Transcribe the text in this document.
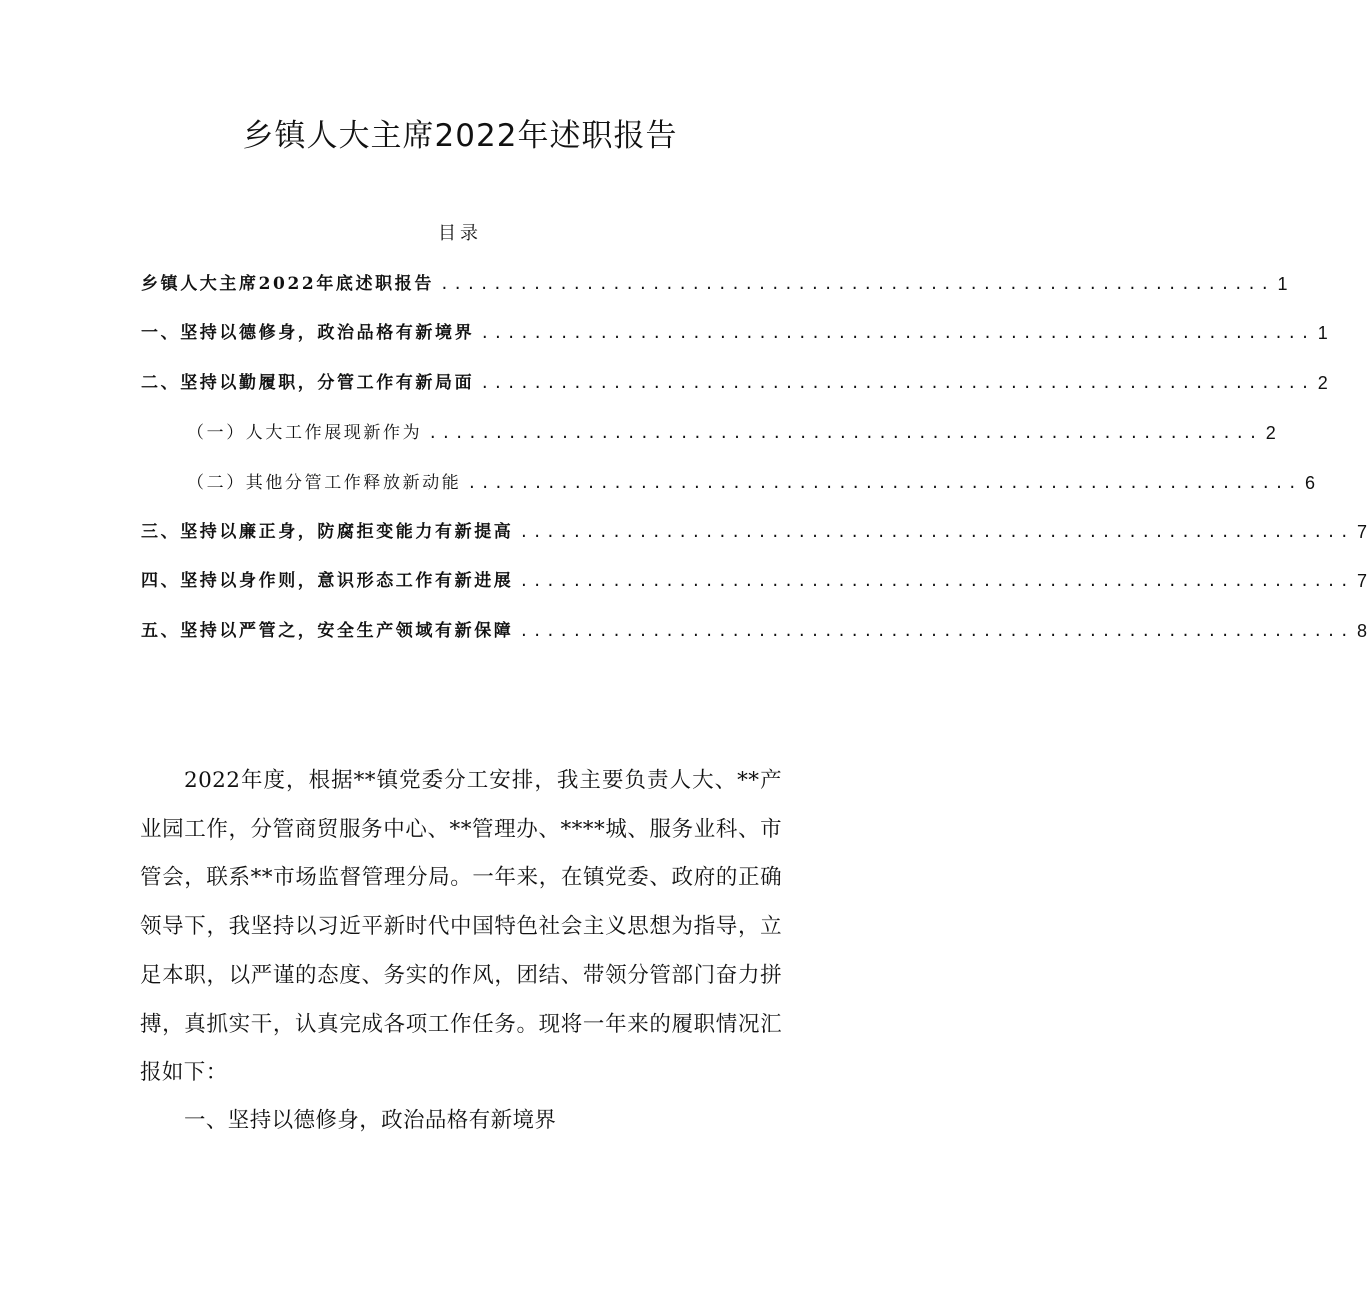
乡镇人大主席2022年述职报告
目录
乡镇人大主席2022年底述职报告 ............................................................... 1
一、坚持以德修身，政治品格有新境界 ............................................................... 1
二、坚持以勤履职，分管工作有新局面 ............................................................... 2
（一）人大工作展现新作为 ............................................................... 2
（二）其他分管工作释放新动能 ............................................................... 6
三、坚持以廉正身，防腐拒变能力有新提高 ............................................................... 7
四、坚持以身作则，意识形态工作有新进展 ............................................................... 7
五、坚持以严管之，安全生产领域有新保障 ............................................................... 8

2022年度，根据**镇党委分工安排，我主要负责人大、**产业园工作，分管商贸服务中心、**管理办、****城、服务业科、市管会，联系**市场监督管理分局。一年来，在镇党委、政府的正确领导下，我坚持以习近平新时代中国特色社会主义思想为指导，立足本职，以严谨的态度、务实的作风，团结、带领分管部门奋力拼搏，真抓实干，认真完成各项工作任务。现将一年来的履职情况汇报如下：

一、坚持以德修身，政治品格有新境界
